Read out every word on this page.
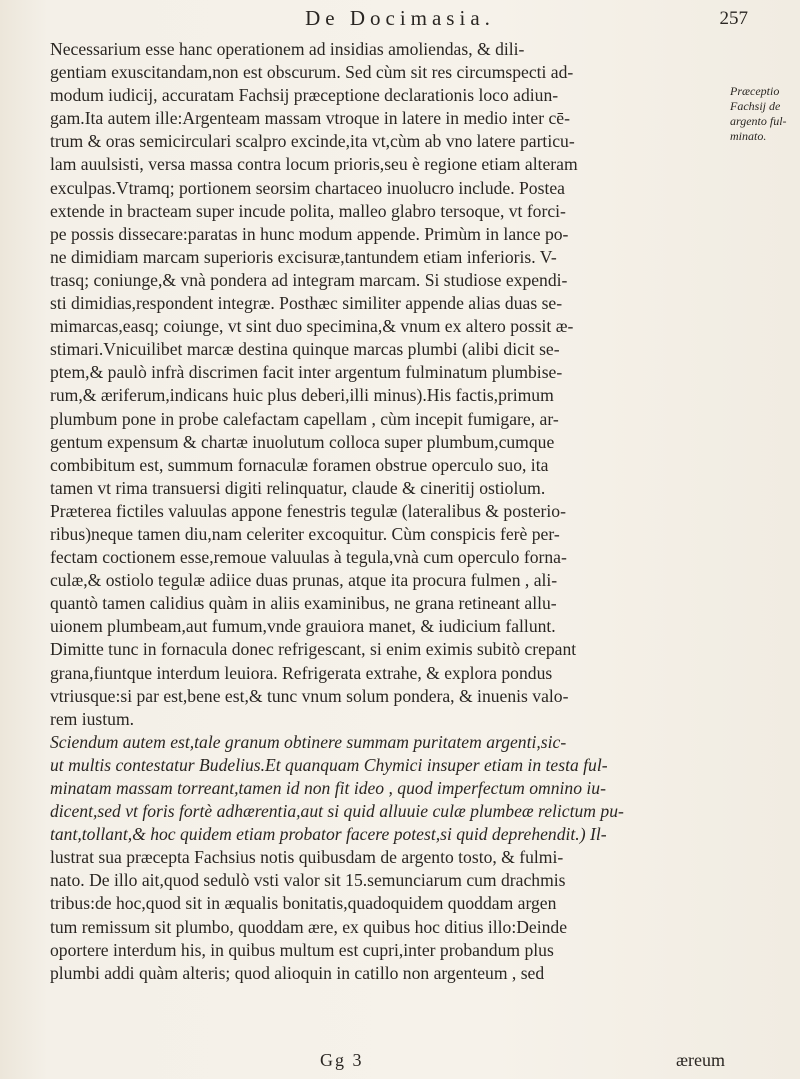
De Docimasia.	257
Necessarium esse hanc operationem ad insidias amoliendas, & dili-
gentiam exuscitandam,non est obscurum. Sed cùm sit res circumspecti ad-
modum iudicij, accuratam Fachsij præceptione declarationis loco adiun-
gam.Ita autem ille:Argenteam massam vtroque in latere in medio inter cē-
trum & oras semicirculari scalpro excinde,ita vt,cùm ab vno latere particu-
lam auulsisti, versa massa contra locum prioris,seu è regione etiam alteram
exculpas.Vtramq; portionem seorsim chartaceo inuolucro include. Postea
extende in bracteam super incude polita, malleo glabro tersoque, vt forci-
pe possis dissecare:paratas in hunc modum appende. Primùm in lance po-
ne dimidiam marcam superioris excisuræ,tantundem etiam inferioris. V-
trasq; coniunge,& vnà pondera ad integram marcam. Si studiose expendi-
sti dimidias,respondent integræ. Posthæc similiter appende alias duas se-
mimarcas,easq; coiunge, vt sint duo specimina,& vnum ex altero possit æ-
stimari.Vnicuilibet marcæ destina quinque marcas plumbi (alibi dicit se-
ptem,& paulò infrà discrimen facit inter argentum fulminatum plumbise-
rum,& æriferum,indicans huic plus deberi,illi minus).His factis,primum
plumbum pone in probe calefactam capellam , cùm incepit fumigare, ar-
gentum expensum & chartæ inuolutum colloca super plumbum,cumque
combibitum est, summum fornaculæ foramen obstrue operculo suo, ita
tamen vt rima transuersi digiti relinquatur, claude & cineritij ostiolum.
Præterea fictiles valuulas appone fenestris tegulæ (lateralibus & posterio-
ribus)neque tamen diu,nam celeriter excoquitur. Cùm conspicis ferè per-
fectam coctionem esse,remoue valuulas à tegula,vnà cum operculo forna-
culæ,& ostiolo tegulæ adiice duas prunas, atque ita procura fulmen , ali-
quantò tamen calidius quàm in aliis examinibus, ne grana retineant allu-
uionem plumbeam,aut fumum,vnde grauiora manet, & iudicium fallunt.
Dimitte tunc in fornacula donec refrigescant, si enim eximis subitò crepant
grana,fiuntque interdum leuiora. Refrigerata extrahe, & explora pondus
vtriusque:si par est,bene est,& tunc vnum solum pondera, & inuenis valo-
rem iustum.
Sciendum autem est,tale granum obtinere summam puritatem argenti,sic-
ut multis contestatur Budelius.Et quanquam Chymici insuper etiam in testa ful-
minatam massam torreant,tamen id non fit ideo , quod imperfectum omnino iu-
dicent,sed vt foris fortè adhærentia,aut si quid alluuie culæ plumbeæ relictum pu-
tant,tollant,& hoc quidem etiam probator facere potest,si quid deprehendit.) Il-
lustrat sua præcepta Fachsius notis quibusdam de argento tosto, & fulmi-
nato. De illo ait,quod sedulò vsti valor sit 15.semunciarum cum drachmis
tribus:de hoc,quod sit in æqualis bonitatis,quadoquidem quoddam argen
tum remissum sit plumbo, quoddam ære, ex quibus hoc ditius illo:Deinde
oportere interdum his, in quibus multum est cupri,inter probandum plus
plumbi addi quàm alteris; quod alioquin in catillo non argenteum , sed
Præceptio
Fachsij de
argento ful-
minato.
Gg 3	æreum
